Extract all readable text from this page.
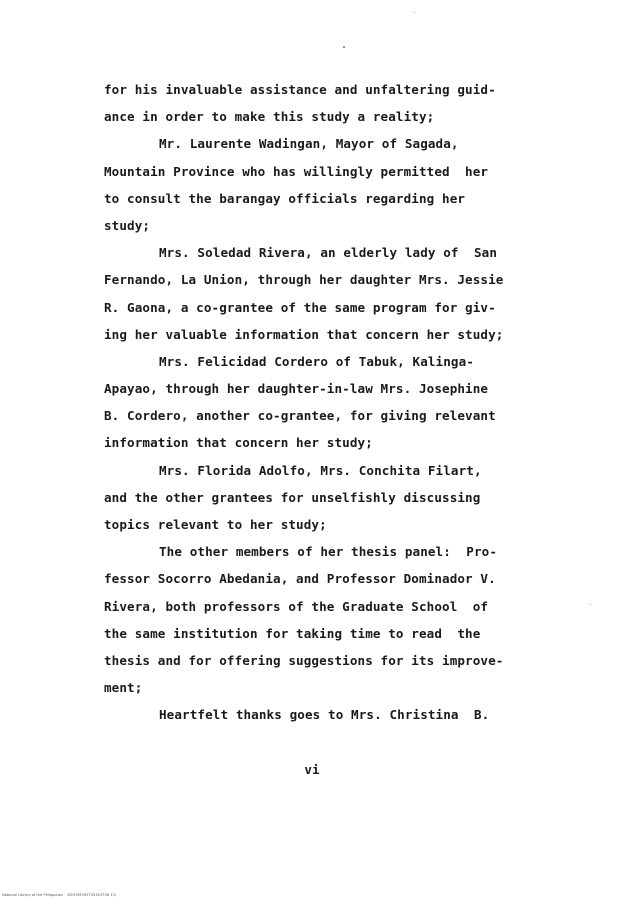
for his invaluable assistance and unfaltering guid-
ance in order to make this study a reality;
Mr. Laurente Wadingan, Mayor of Sagada,
Mountain Province who has willingly permitted  her
to consult the barangay officials regarding her
study;
Mrs. Soledad Rivera, an elderly lady of  San
Fernando, La Union, through her daughter Mrs. Jessie
R. Gaona, a co-grantee of the same program for giv-
ing her valuable information that concern her study;
Mrs. Felicidad Cordero of Tabuk, Kalinga-
Apayao, through her daughter-in-law Mrs. Josephine
B. Cordero, another co-grantee, for giving relevant
information that concern her study;
Mrs. Florida Adolfo, Mrs. Conchita Filart,
and the other grantees for unselfishly discussing
topics relevant to her study;
The other members of her thesis panel:  Pro-
fessor Socorro Abedania, and Professor Dominador V.
Rivera, both professors of the Graduate School  of
the same institution for taking time to read  the
thesis and for offering suggestions for its improve-
ment;
Heartfelt thanks goes to Mrs. Christina  B.
vi
National Library of the Philippines    M2076F2S5T033C0T06 1/1
